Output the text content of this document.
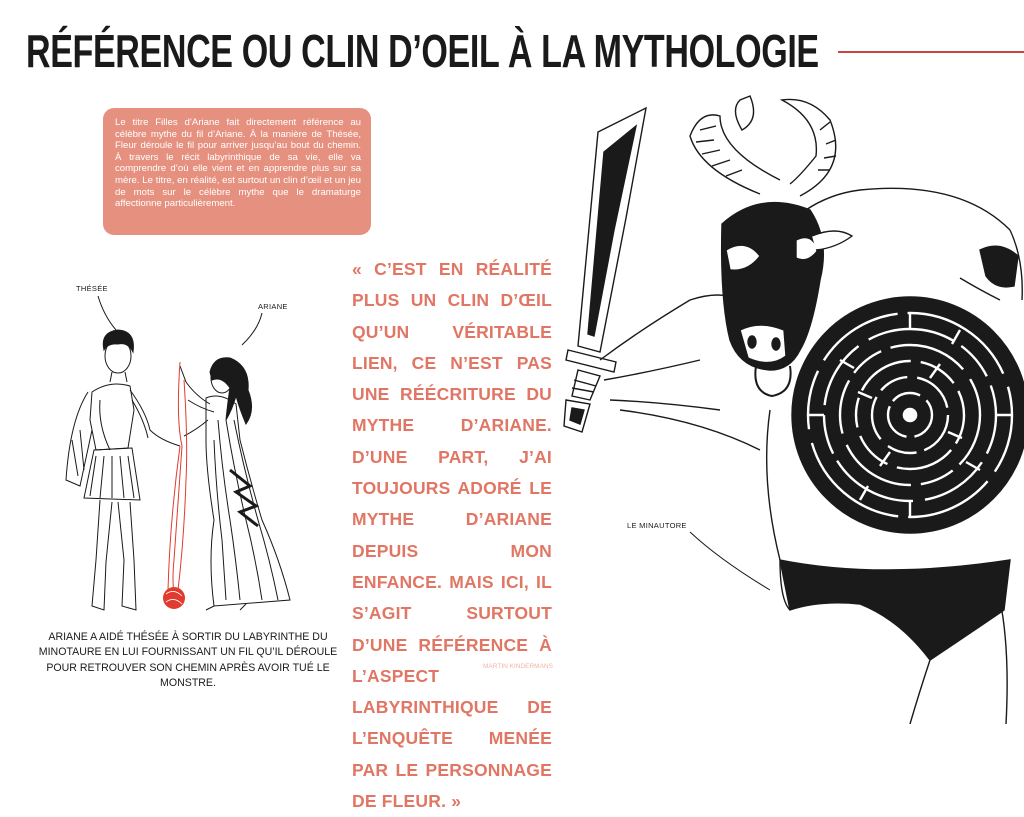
RÉFÉRENCE OU CLIN D’OEIL À LA MYTHOLOGIE

Le titre Filles d’Ariane fait directement référence au célèbre mythe du fil d’Ariane. À la manière de Thésée, Fleur déroule le fil pour arriver jusqu’au bout du chemin. À travers le récit labyrinthique de sa vie, elle va comprendre d’où elle vient et en apprendre plus sur sa mère. Le titre, en réalité, est surtout un clin d’œil et un jeu de mots sur le célèbre mythe que le dramaturge affectionne particulièrement.

« C’EST EN RÉALITÉ PLUS UN CLIN D’ŒIL QU’UN VÉRITABLE LIEN, CE N’EST PAS UNE RÉÉCRITURE DU MYTHE D’ARIANE. D’UNE PART, J’AI TOUJOURS ADORÉ LE MYTHE D’ARIANE DEPUIS MON ENFANCE. MAIS ICI, IL S’AGIT SURTOUT D’UNE RÉFÉRENCE À L’ASPECT LABYRINTHIQUE DE L’ENQUÊTE MENÉE PAR LE PERSONNAGE DE FLEUR. »

ARIANE A AIDÉ THÉSÉE À SORTIR DU LABYRINTHE DU MINOTAURE EN LUI FOURNISSANT UN FIL QU’IL DÉROULE POUR RETROUVER SON CHEMIN APRÈS AVOIR TUÉ LE MONSTRE.

MARTIN KINDERMANS

THÉSÉE
ARIANE
LE MINAUTORE
